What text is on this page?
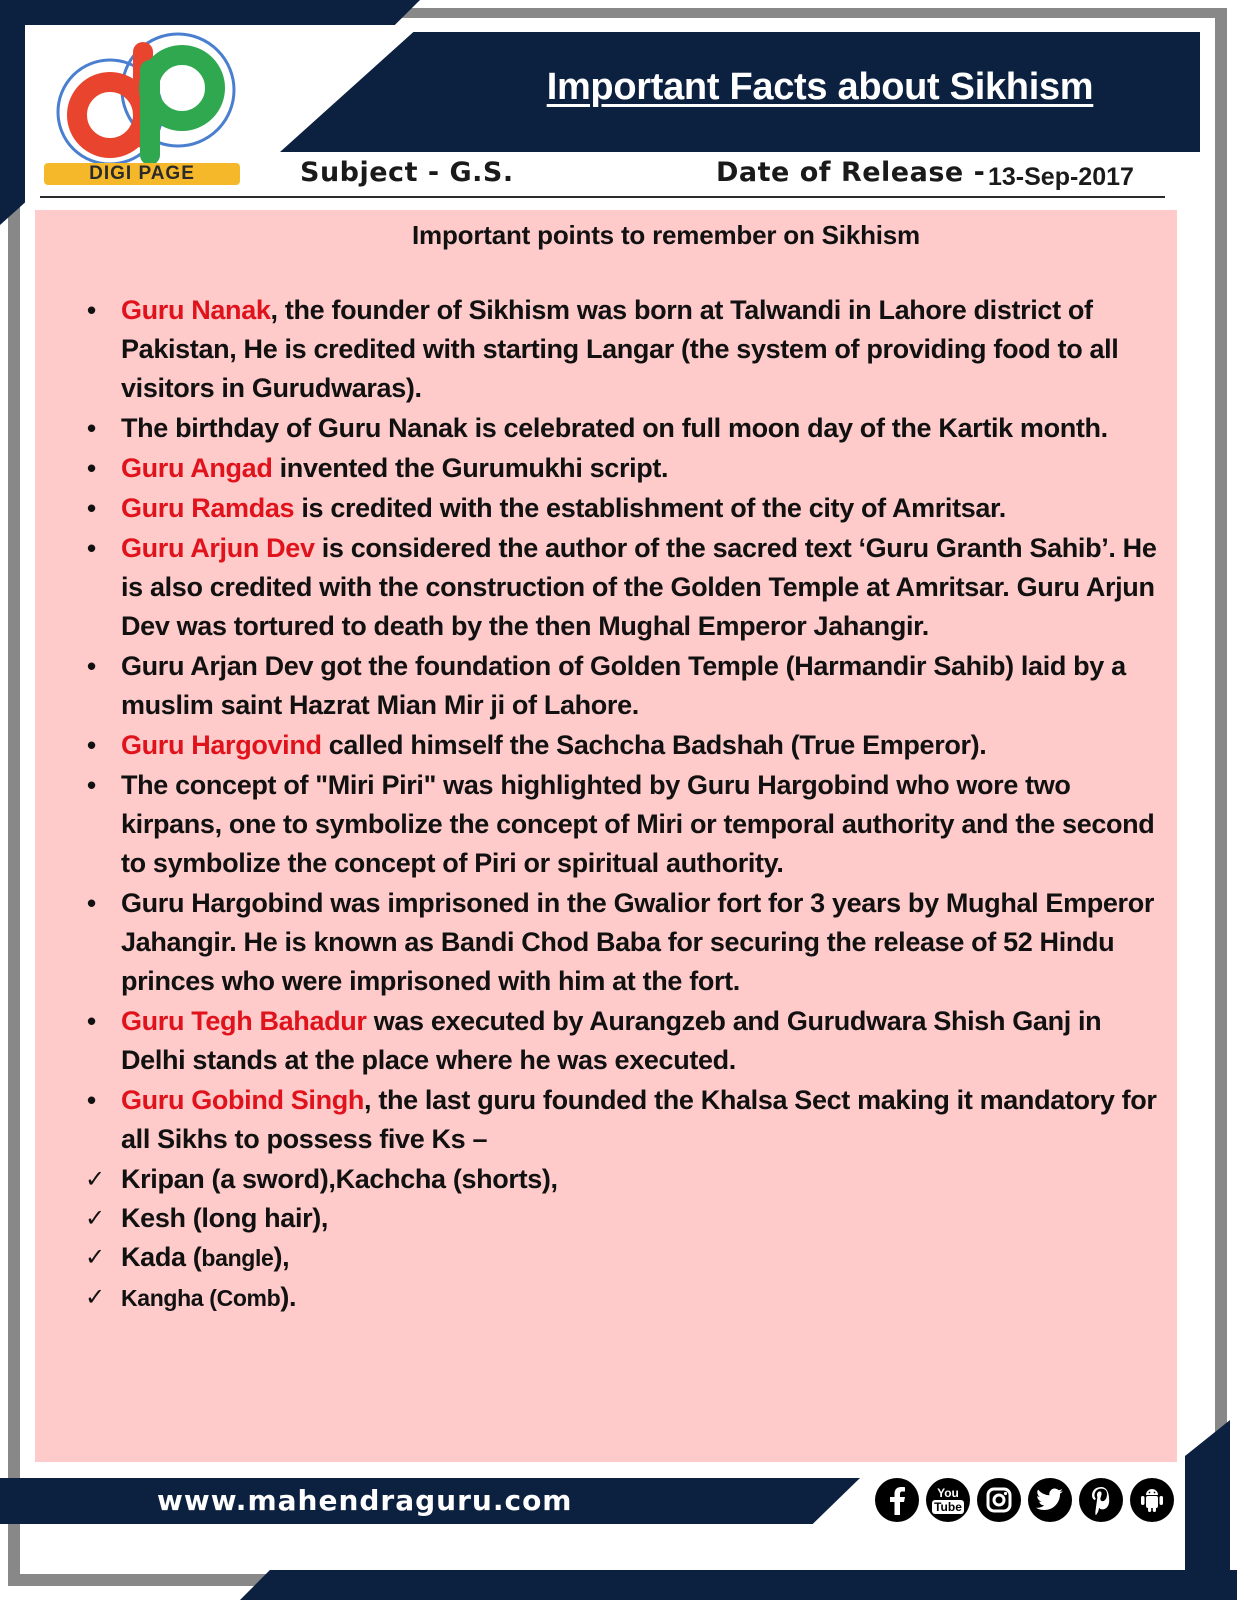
DIGI PAGE
Important Facts about Sikhism
Subject - G.S.	Date of Release - 13-Sep-2017
Important points to remember on Sikhism
• Guru Nanak, the founder of Sikhism was born at Talwandi in Lahore district of Pakistan, He is credited with starting Langar (the system of providing food to all visitors in Gurudwaras).
• The birthday of Guru Nanak is celebrated on full moon day of the Kartik month.
• Guru Angad invented the Gurumukhi script.
• Guru Ramdas is credited with the establishment of the city of Amritsar.
• Guru Arjun Dev is considered the author of the sacred text ‘Guru Granth Sahib’. He is also credited with the construction of the Golden Temple at Amritsar. Guru Arjun Dev was tortured to death by the then Mughal Emperor Jahangir.
• Guru Arjan Dev got the foundation of Golden Temple (Harmandir Sahib) laid by a muslim saint Hazrat Mian Mir ji of Lahore.
• Guru Hargovind called himself the Sachcha Badshah (True Emperor).
• The concept of "Miri Piri" was highlighted by Guru Hargobind who wore two kirpans, one to symbolize the concept of Miri or temporal authority and the second to symbolize the concept of Piri or spiritual authority.
• Guru Hargobind was imprisoned in the Gwalior fort for 3 years by Mughal Emperor Jahangir. He is known as Bandi Chod Baba for securing the release of 52 Hindu princes who were imprisoned with him at the fort.
• Guru Tegh Bahadur was executed by Aurangzeb and Gurudwara Shish Ganj in Delhi stands at the place where he was executed.
• Guru Gobind Singh, the last guru founded the Khalsa Sect making it mandatory for all Sikhs to possess five Ks –
✓ Kripan (a sword),Kachcha (shorts),
✓ Kesh (long hair),
✓ Kada (bangle),
✓ Kangha (Comb).
www.mahendraguru.com	You
Tube
